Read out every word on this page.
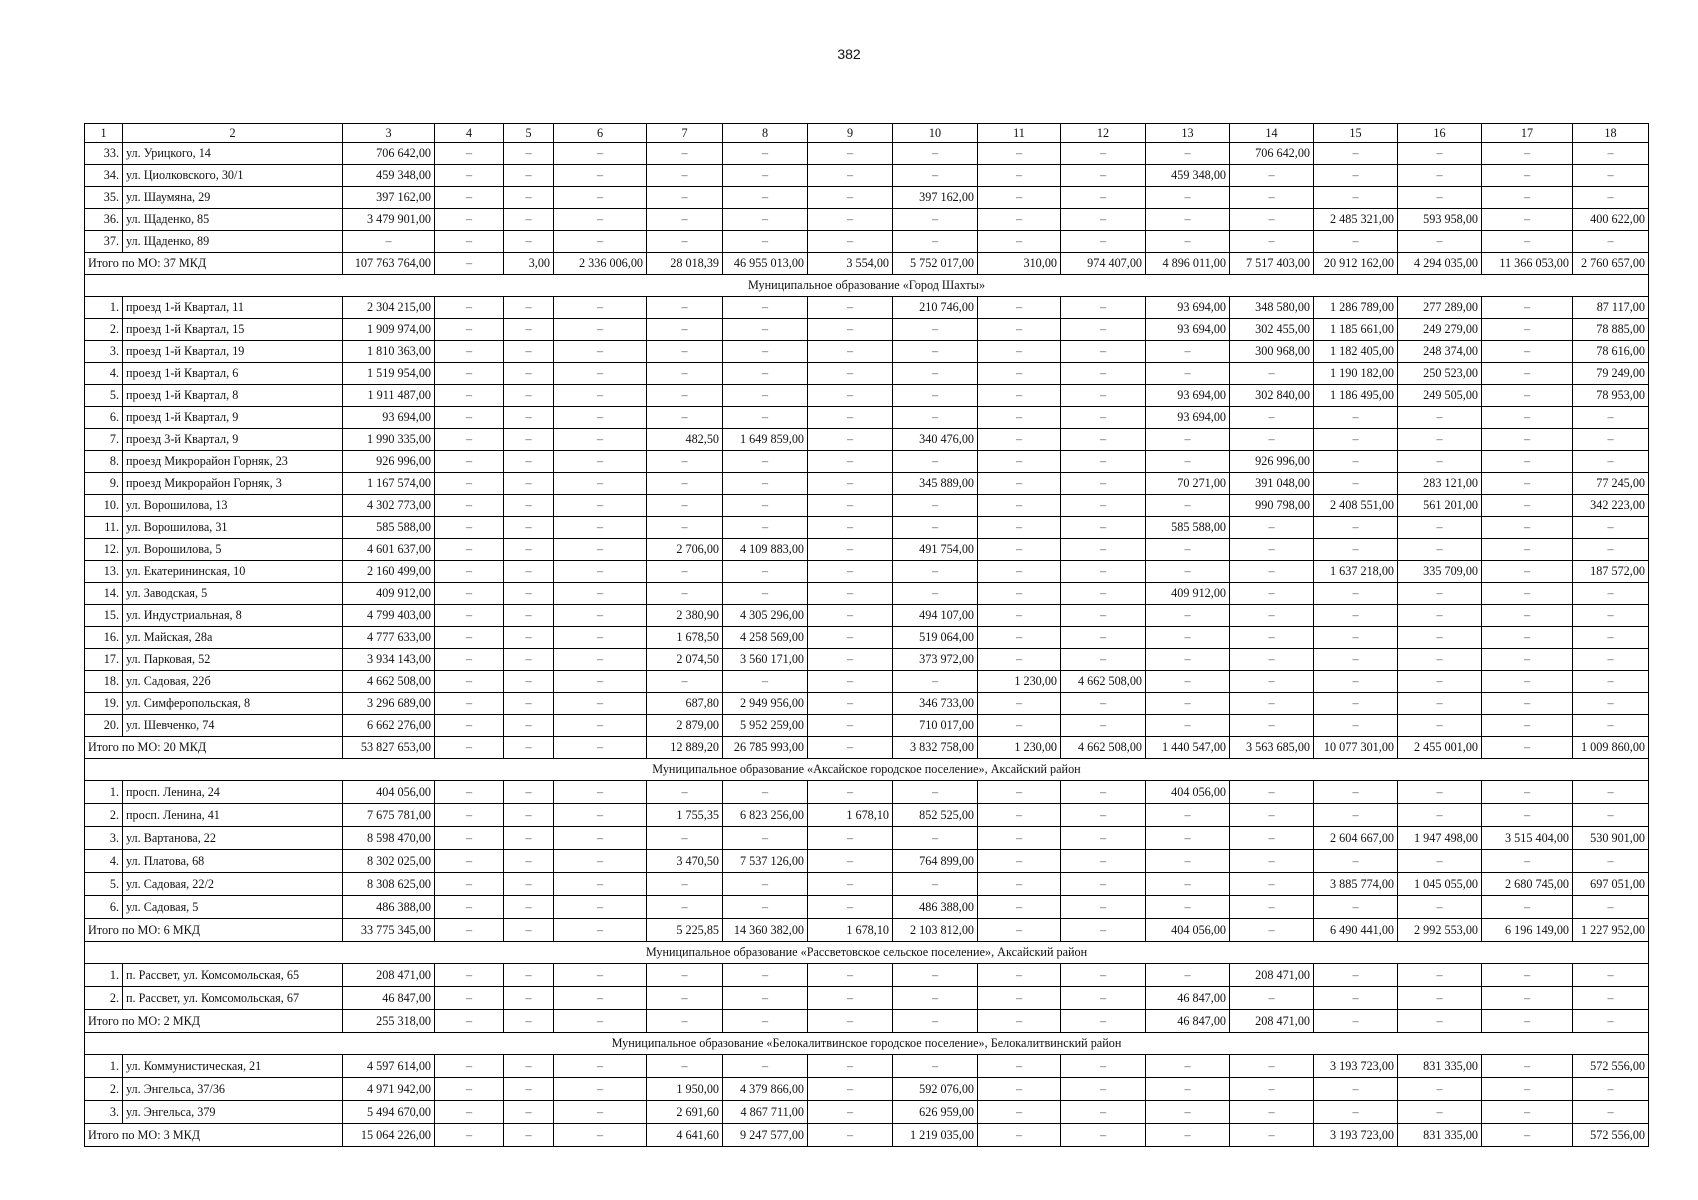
382
1	2	3	4	5	6	7	8	9	10	11	12	13	14	15	16	17	18
33.	ул. Урицкого, 14	706 642,00	–	–	–	–	–	–	–	–	–	–	706 642,00	–	–	–	–
34.	ул. Циолковского, 30/1	459 348,00	–	–	–	–	–	–	–	–	–	459 348,00	–	–	–	–	–
35.	ул. Шаумяна, 29	397 162,00	–	–	–	–	–	–	397 162,00	–	–	–	–	–	–	–	–
36.	ул. Щаденко, 85	3 479 901,00	–	–	–	–	–	–	–	–	–	–	–	2 485 321,00	593 958,00	–	400 622,00
37.	ул. Щаденко, 89	–	–	–	–	–	–	–	–	–	–	–	–	–	–	–	–
Итого по МО: 37 МКД		107 763 764,00	–	3,00	2 336 006,00	28 018,39	46 955 013,00	3 554,00	5 752 017,00	310,00	974 407,00	4 896 011,00	7 517 403,00	20 912 162,00	4 294 035,00	11 366 053,00	2 760 657,00
Муниципальное образование «Город Шахты»																	
1.	проезд 1-й Квартал, 11	2 304 215,00	–	–	–	–	–	–	210 746,00	–	–	93 694,00	348 580,00	1 286 789,00	277 289,00	–	87 117,00
2.	проезд 1-й Квартал, 15	1 909 974,00	–	–	–	–	–	–	–	–	–	93 694,00	302 455,00	1 185 661,00	249 279,00	–	78 885,00
3.	проезд 1-й Квартал, 19	1 810 363,00	–	–	–	–	–	–	–	–	–	–	300 968,00	1 182 405,00	248 374,00	–	78 616,00
4.	проезд 1-й Квартал, 6	1 519 954,00	–	–	–	–	–	–	–	–	–	–	–	1 190 182,00	250 523,00	–	79 249,00
5.	проезд 1-й Квартал, 8	1 911 487,00	–	–	–	–	–	–	–	–	–	93 694,00	302 840,00	1 186 495,00	249 505,00	–	78 953,00
6.	проезд 1-й Квартал, 9	93 694,00	–	–	–	–	–	–	–	–	–	93 694,00	–	–	–	–	–
7.	проезд 3-й Квартал, 9	1 990 335,00	–	–	–	482,50	1 649 859,00	–	340 476,00	–	–	–	–	–	–	–	–
8.	проезд Микрорайон Горняк, 23	926 996,00	–	–	–	–	–	–	–	–	–	–	926 996,00	–	–	–	–
9.	проезд Микрорайон Горняк, 3	1 167 574,00	–	–	–	–	–	–	345 889,00	–	–	70 271,00	391 048,00	–	283 121,00	–	77 245,00
10.	ул. Ворошилова, 13	4 302 773,00	–	–	–	–	–	–	–	–	–	–	990 798,00	2 408 551,00	561 201,00	–	342 223,00
11.	ул. Ворошилова, 31	585 588,00	–	–	–	–	–	–	–	–	–	585 588,00	–	–	–	–	–
12.	ул. Ворошилова, 5	4 601 637,00	–	–	–	2 706,00	4 109 883,00	–	491 754,00	–	–	–	–	–	–	–	–
13.	ул. Екатерининская, 10	2 160 499,00	–	–	–	–	–	–	–	–	–	–	–	1 637 218,00	335 709,00	–	187 572,00
14.	ул. Заводская, 5	409 912,00	–	–	–	–	–	–	–	–	–	409 912,00	–	–	–	–	–
15.	ул. Индустриальная, 8	4 799 403,00	–	–	–	2 380,90	4 305 296,00	–	494 107,00	–	–	–	–	–	–	–	–
16.	ул. Майская, 28а	4 777 633,00	–	–	–	1 678,50	4 258 569,00	–	519 064,00	–	–	–	–	–	–	–	–
17.	ул. Парковая, 52	3 934 143,00	–	–	–	2 074,50	3 560 171,00	–	373 972,00	–	–	–	–	–	–	–	–
18.	ул. Садовая, 22б	4 662 508,00	–	–	–	–	–	–	–	1 230,00	4 662 508,00	–	–	–	–	–	–
19.	ул. Симферопольская, 8	3 296 689,00	–	–	–	687,80	2 949 956,00	–	346 733,00	–	–	–	–	–	–	–	–
20.	ул. Шевченко, 74	6 662 276,00	–	–	–	2 879,00	5 952 259,00	–	710 017,00	–	–	–	–	–	–	–	–
Итого по МО: 20 МКД		53 827 653,00	–	–	–	12 889,20	26 785 993,00	–	3 832 758,00	1 230,00	4 662 508,00	1 440 547,00	3 563 685,00	10 077 301,00	2 455 001,00	–	1 009 860,00
Муниципальное образование «Аксайское городское поселение», Аксайский район																	
1.	просп. Ленина, 24	404 056,00	–	–	–	–	–	–	–	–	–	404 056,00	–	–	–	–	–
2.	просп. Ленина, 41	7 675 781,00	–	–	–	1 755,35	6 823 256,00	1 678,10	852 525,00	–	–	–	–	–	–	–	–
3.	ул. Вартанова, 22	8 598 470,00	–	–	–	–	–	–	–	–	–	–	–	2 604 667,00	1 947 498,00	3 515 404,00	530 901,00
4.	ул. Платова, 68	8 302 025,00	–	–	–	3 470,50	7 537 126,00	–	764 899,00	–	–	–	–	–	–	–	–
5.	ул. Садовая, 22/2	8 308 625,00	–	–	–	–	–	–	–	–	–	–	–	3 885 774,00	1 045 055,00	2 680 745,00	697 051,00
6.	ул. Садовая, 5	486 388,00	–	–	–	–	–	–	486 388,00	–	–	–	–	–	–	–	–
Итого по МО: 6 МКД		33 775 345,00	–	–	–	5 225,85	14 360 382,00	1 678,10	2 103 812,00	–	–	404 056,00	–	6 490 441,00	2 992 553,00	6 196 149,00	1 227 952,00
Муниципальное образование «Рассветовское сельское поселение», Аксайский район																	
1.	п. Рассвет, ул. Комсомольская, 65	208 471,00	–	–	–	–	–	–	–	–	–	–	208 471,00	–	–	–	–
2.	п. Рассвет, ул. Комсомольская, 67	46 847,00	–	–	–	–	–	–	–	–	–	46 847,00	–	–	–	–	–
Итого по МО: 2 МКД		255 318,00	–	–	–	–	–	–	–	–	–	46 847,00	208 471,00	–	–	–	–
Муниципальное образование «Белокалитвинское городское поселение», Белокалитвинский район																	
1.	ул. Коммунистическая, 21	4 597 614,00	–	–	–	–	–	–	–	–	–	–	–	3 193 723,00	831 335,00	–	572 556,00
2.	ул. Энгельса, 37/36	4 971 942,00	–	–	–	1 950,00	4 379 866,00	–	592 076,00	–	–	–	–	–	–	–	–
3.	ул. Энгельса, 379	5 494 670,00	–	–	–	2 691,60	4 867 711,00	–	626 959,00	–	–	–	–	–	–	–	–
Итого по МО: 3 МКД		15 064 226,00	–	–	–	4 641,60	9 247 577,00	–	1 219 035,00	–	–	–	–	3 193 723,00	831 335,00	–	572 556,00
